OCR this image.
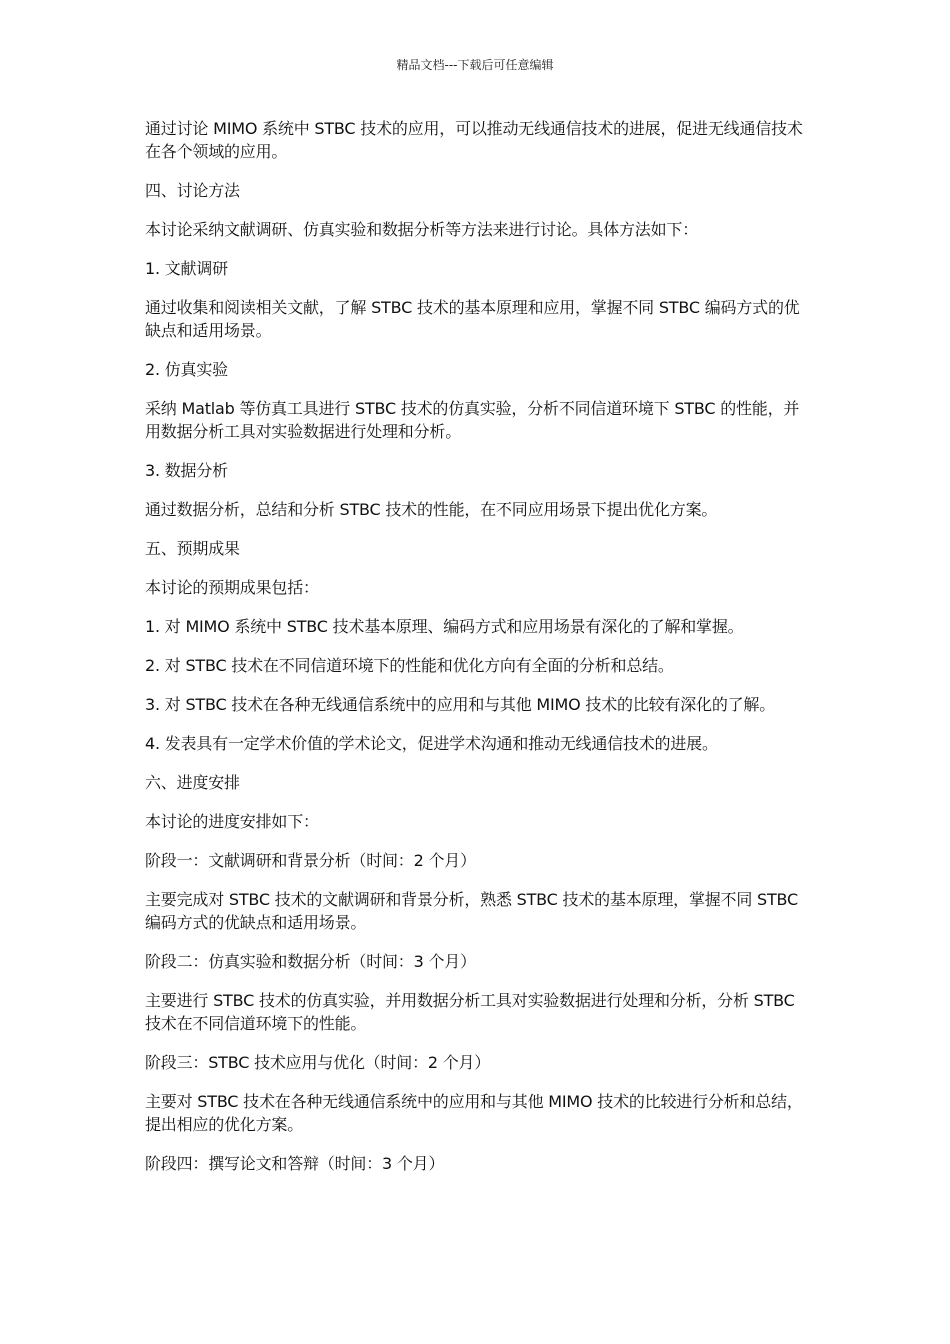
精品文档---下载后可任意编辑

通过讨论 MIMO 系统中 STBC 技术的应用，可以推动无线通信技术的进展，促进无线通信技术在各个领域的应用。

四、讨论方法

本讨论采纳文献调研、仿真实验和数据分析等方法来进行讨论。具体方法如下：

1. 文献调研

通过收集和阅读相关文献，了解 STBC 技术的基本原理和应用，掌握不同 STBC 编码方式的优缺点和适用场景。

2. 仿真实验

采纳 Matlab 等仿真工具进行 STBC 技术的仿真实验，分析不同信道环境下 STBC 的性能，并用数据分析工具对实验数据进行处理和分析。

3. 数据分析

通过数据分析，总结和分析 STBC 技术的性能，在不同应用场景下提出优化方案。

五、预期成果

本讨论的预期成果包括：

1. 对 MIMO 系统中 STBC 技术基本原理、编码方式和应用场景有深化的了解和掌握。

2. 对 STBC 技术在不同信道环境下的性能和优化方向有全面的分析和总结。

3. 对 STBC 技术在各种无线通信系统中的应用和与其他 MIMO 技术的比较有深化的了解。

4. 发表具有一定学术价值的学术论文，促进学术沟通和推动无线通信技术的进展。

六、进度安排

本讨论的进度安排如下：

阶段一：文献调研和背景分析（时间：2 个月）

主要完成对 STBC 技术的文献调研和背景分析，熟悉 STBC 技术的基本原理，掌握不同 STBC 编码方式的优缺点和适用场景。

阶段二：仿真实验和数据分析（时间：3 个月）

主要进行 STBC 技术的仿真实验，并用数据分析工具对实验数据进行处理和分析，分析 STBC 技术在不同信道环境下的性能。

阶段三：STBC 技术应用与优化（时间：2 个月）

主要对 STBC 技术在各种无线通信系统中的应用和与其他 MIMO 技术的比较进行分析和总结，提出相应的优化方案。

阶段四：撰写论文和答辩（时间：3 个月）
